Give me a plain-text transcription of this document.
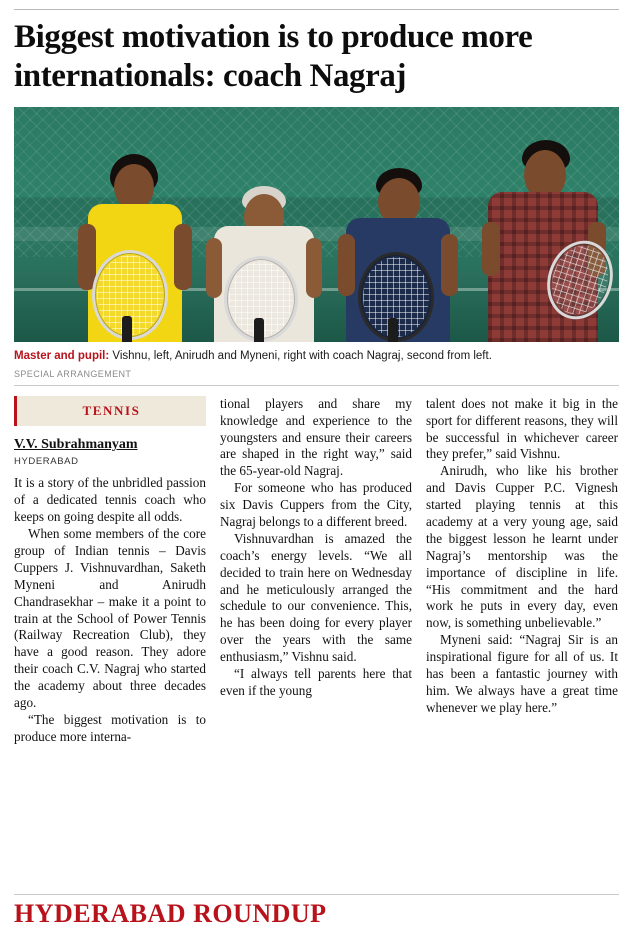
Biggest motivation is to produce more internationals: coach Nagraj
Master and pupil: Vishnu, left, Anirudh and Myneni, right with coach Nagraj, second from left.
SPECIAL ARRANGEMENT
TENNIS
V.V. Subrahmanyam
HYDERABAD

It is a story of the unbridled passion of a dedicated tennis coach who keeps on going despite all odds.

When some members of the core group of Indian tennis – Davis Cuppers J. Vishnuvardhan, Saketh Myneni and Anirudh Chandrasekhar – make it a point to train at the School of Power Tennis (Railway Recreation Club), they have a good reason. They adore their coach C.V. Nagraj who started the academy about three decades ago.

“The biggest motivation is to produce more interna-

tional players and share my knowledge and experience to the youngsters and ensure their careers are shaped in the right way,” said the 65-year-old Nagraj.

For someone who has produced six Davis Cuppers from the City, Nagraj belongs to a different breed.

Vishnuvardhan is amazed the coach’s energy levels. “We all decided to train here on Wednesday and he meticulously arranged the schedule to our convenience. This, he has been doing for every player over the years with the same enthusiasm,” Vishnu said.

“I always tell parents here that even if the young

talent does not make it big in the sport for different reasons, they will be successful in whichever career they prefer,” said Vishnu.

Anirudh, who like his brother and Davis Cupper P.C. Vignesh started playing tennis at this academy at a very young age, said the biggest lesson he learnt under Nagraj’s mentorship was the importance of discipline in life. “His commitment and the hard work he puts in every day, even now, is something unbelievable.”

Myneni said: “Nagraj Sir is an inspirational figure for all of us. It has been a fantastic journey with him. We always have a great time whenever we play here.”

HYDERABAD ROUNDUP
